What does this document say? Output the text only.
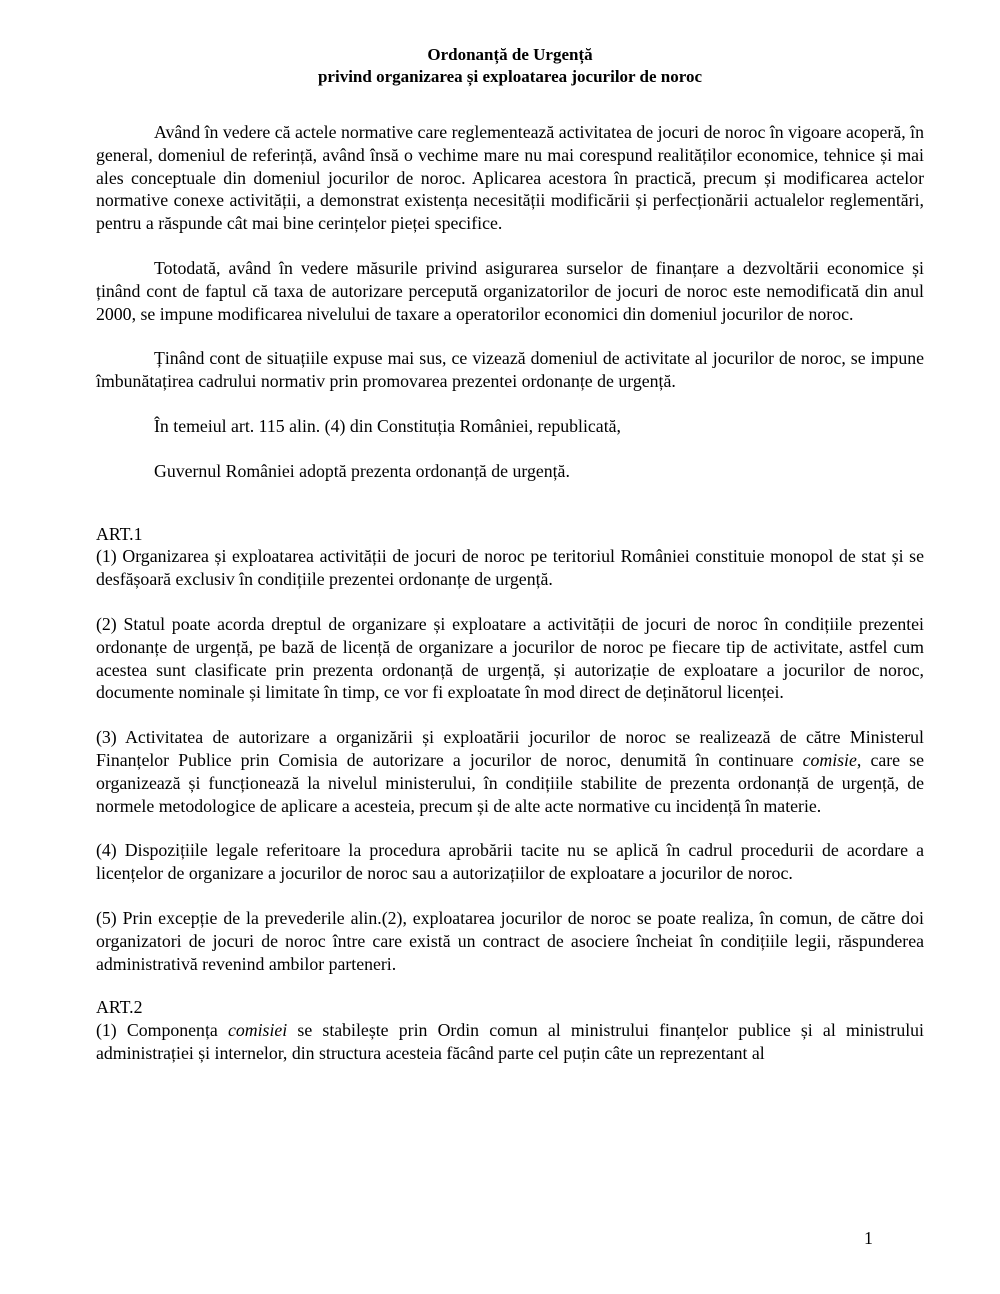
Ordonanță de Urgență
privind organizarea și exploatarea jocurilor de noroc

Având în vedere că actele normative care reglementează activitatea de jocuri de noroc în vigoare acoperă, în general, domeniul de referință, având însă o vechime mare nu mai corespund realităților economice, tehnice și mai ales conceptuale din domeniul jocurilor de noroc. Aplicarea acestora în practică, precum și modificarea actelor normative conexe activității, a demonstrat existența necesității modificării și perfecționării actualelor reglementări, pentru a răspunde cât mai bine cerințelor pieței specifice.

Totodată, având în vedere măsurile privind asigurarea surselor de finanțare a dezvoltării economice și ținând cont de faptul că taxa de autorizare percepută organizatorilor de jocuri de noroc este nemodificată din anul 2000, se impune modificarea nivelului de taxare a operatorilor economici din domeniul jocurilor de noroc.

Ținând cont de situațiile expuse mai sus, ce vizează domeniul de activitate al jocurilor de noroc, se impune îmbunătațirea cadrului normativ prin promovarea prezentei ordonanțe de urgență.

În temeiul art. 115 alin. (4) din Constituția României, republicată,

Guvernul României adoptă prezenta ordonanță de urgență.

ART.1

(1) Organizarea și exploatarea activității de jocuri de noroc pe teritoriul României constituie monopol de stat și se desfășoară exclusiv în condițiile prezentei ordonanțe de urgență.

(2) Statul poate acorda dreptul de organizare și exploatare a activității de jocuri de noroc în condițiile prezentei ordonanțe de urgență, pe bază de licență de organizare a jocurilor de noroc pe fiecare tip de activitate, astfel cum acestea sunt clasificate prin prezenta ordonanță de urgență, și autorizație de exploatare a jocurilor de noroc, documente nominale și limitate în timp, ce vor fi exploatate în mod direct de deținătorul licenței.

(3) Activitatea de autorizare a organizării și exploatării jocurilor de noroc se realizează de către Ministerul Finanțelor Publice prin Comisia de autorizare a jocurilor de noroc, denumită în continuare comisie, care se organizează și funcționează la nivelul ministerului, în condițiile stabilite de prezenta ordonanță de urgență, de normele metodologice de aplicare a acesteia, precum și de alte acte normative cu incidență în materie.

(4) Dispozițiile legale referitoare la procedura aprobării tacite nu se aplică în cadrul procedurii de acordare a licențelor de organizare a jocurilor de noroc sau a autorizațiilor de exploatare a jocurilor de noroc.

(5) Prin excepție de la prevederile alin.(2), exploatarea jocurilor de noroc se poate realiza, în comun, de către doi organizatori de jocuri de noroc între care există un contract de asociere încheiat în condițiile legii, răspunderea administrativă revenind ambilor parteneri.

ART.2

(1) Componența comisiei se stabilește prin Ordin comun al ministrului finanțelor publice și al ministrului administrației și internelor, din structura acesteia făcând parte cel puțin câte un reprezentant al

1
